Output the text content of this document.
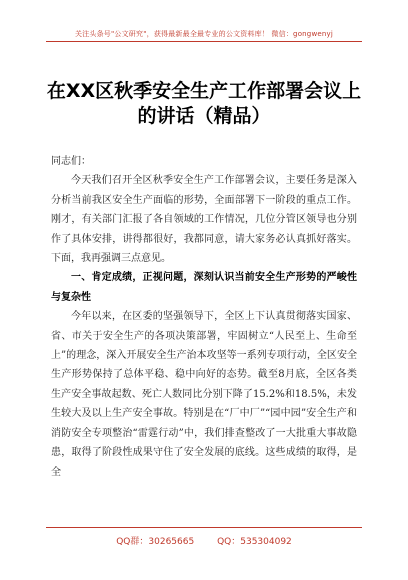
关注头条号"公文研究"，获得最新最全最专业的公文资料库！ 微信：gongwenyj
在XX区秋季安全生产工作部署会议上的讲话（精品）

同志们：

今天我们召开全区秋季安全生产工作部署会议，主要任务是深入分析当前我区安全生产面临的形势，全面部署下一阶段的重点工作。刚才，有关部门汇报了各自领域的工作情况，几位分管区领导也分别作了具体安排，讲得都很好，我都同意，请大家务必认真抓好落实。下面，我再强调三点意见。

一、肯定成绩，正视问题，深刻认识当前安全生产形势的严峻性与复杂性

今年以来，在区委的坚强领导下，全区上下认真贯彻落实国家、省、市关于安全生产的各项决策部署，牢固树立“人民至上、生命至上”的理念，深入开展安全生产治本攻坚等一系列专项行动，全区安全生产形势保持了总体平稳、稳中向好的态势。截至8月底，全区各类生产安全事故起数、死亡人数同比分别下降了15.2%和18.5%，未发生较大及以上生产安全事故。特别是在“厂中厂”“园中园”安全生产和消防安全专项整治“雷霆行动”中，我们排查整改了一大批重大事故隐患，取得了阶段性成果守住了安全发展的底线。这些成绩的取得，是全

QQ群：30265665	QQ：535304092
